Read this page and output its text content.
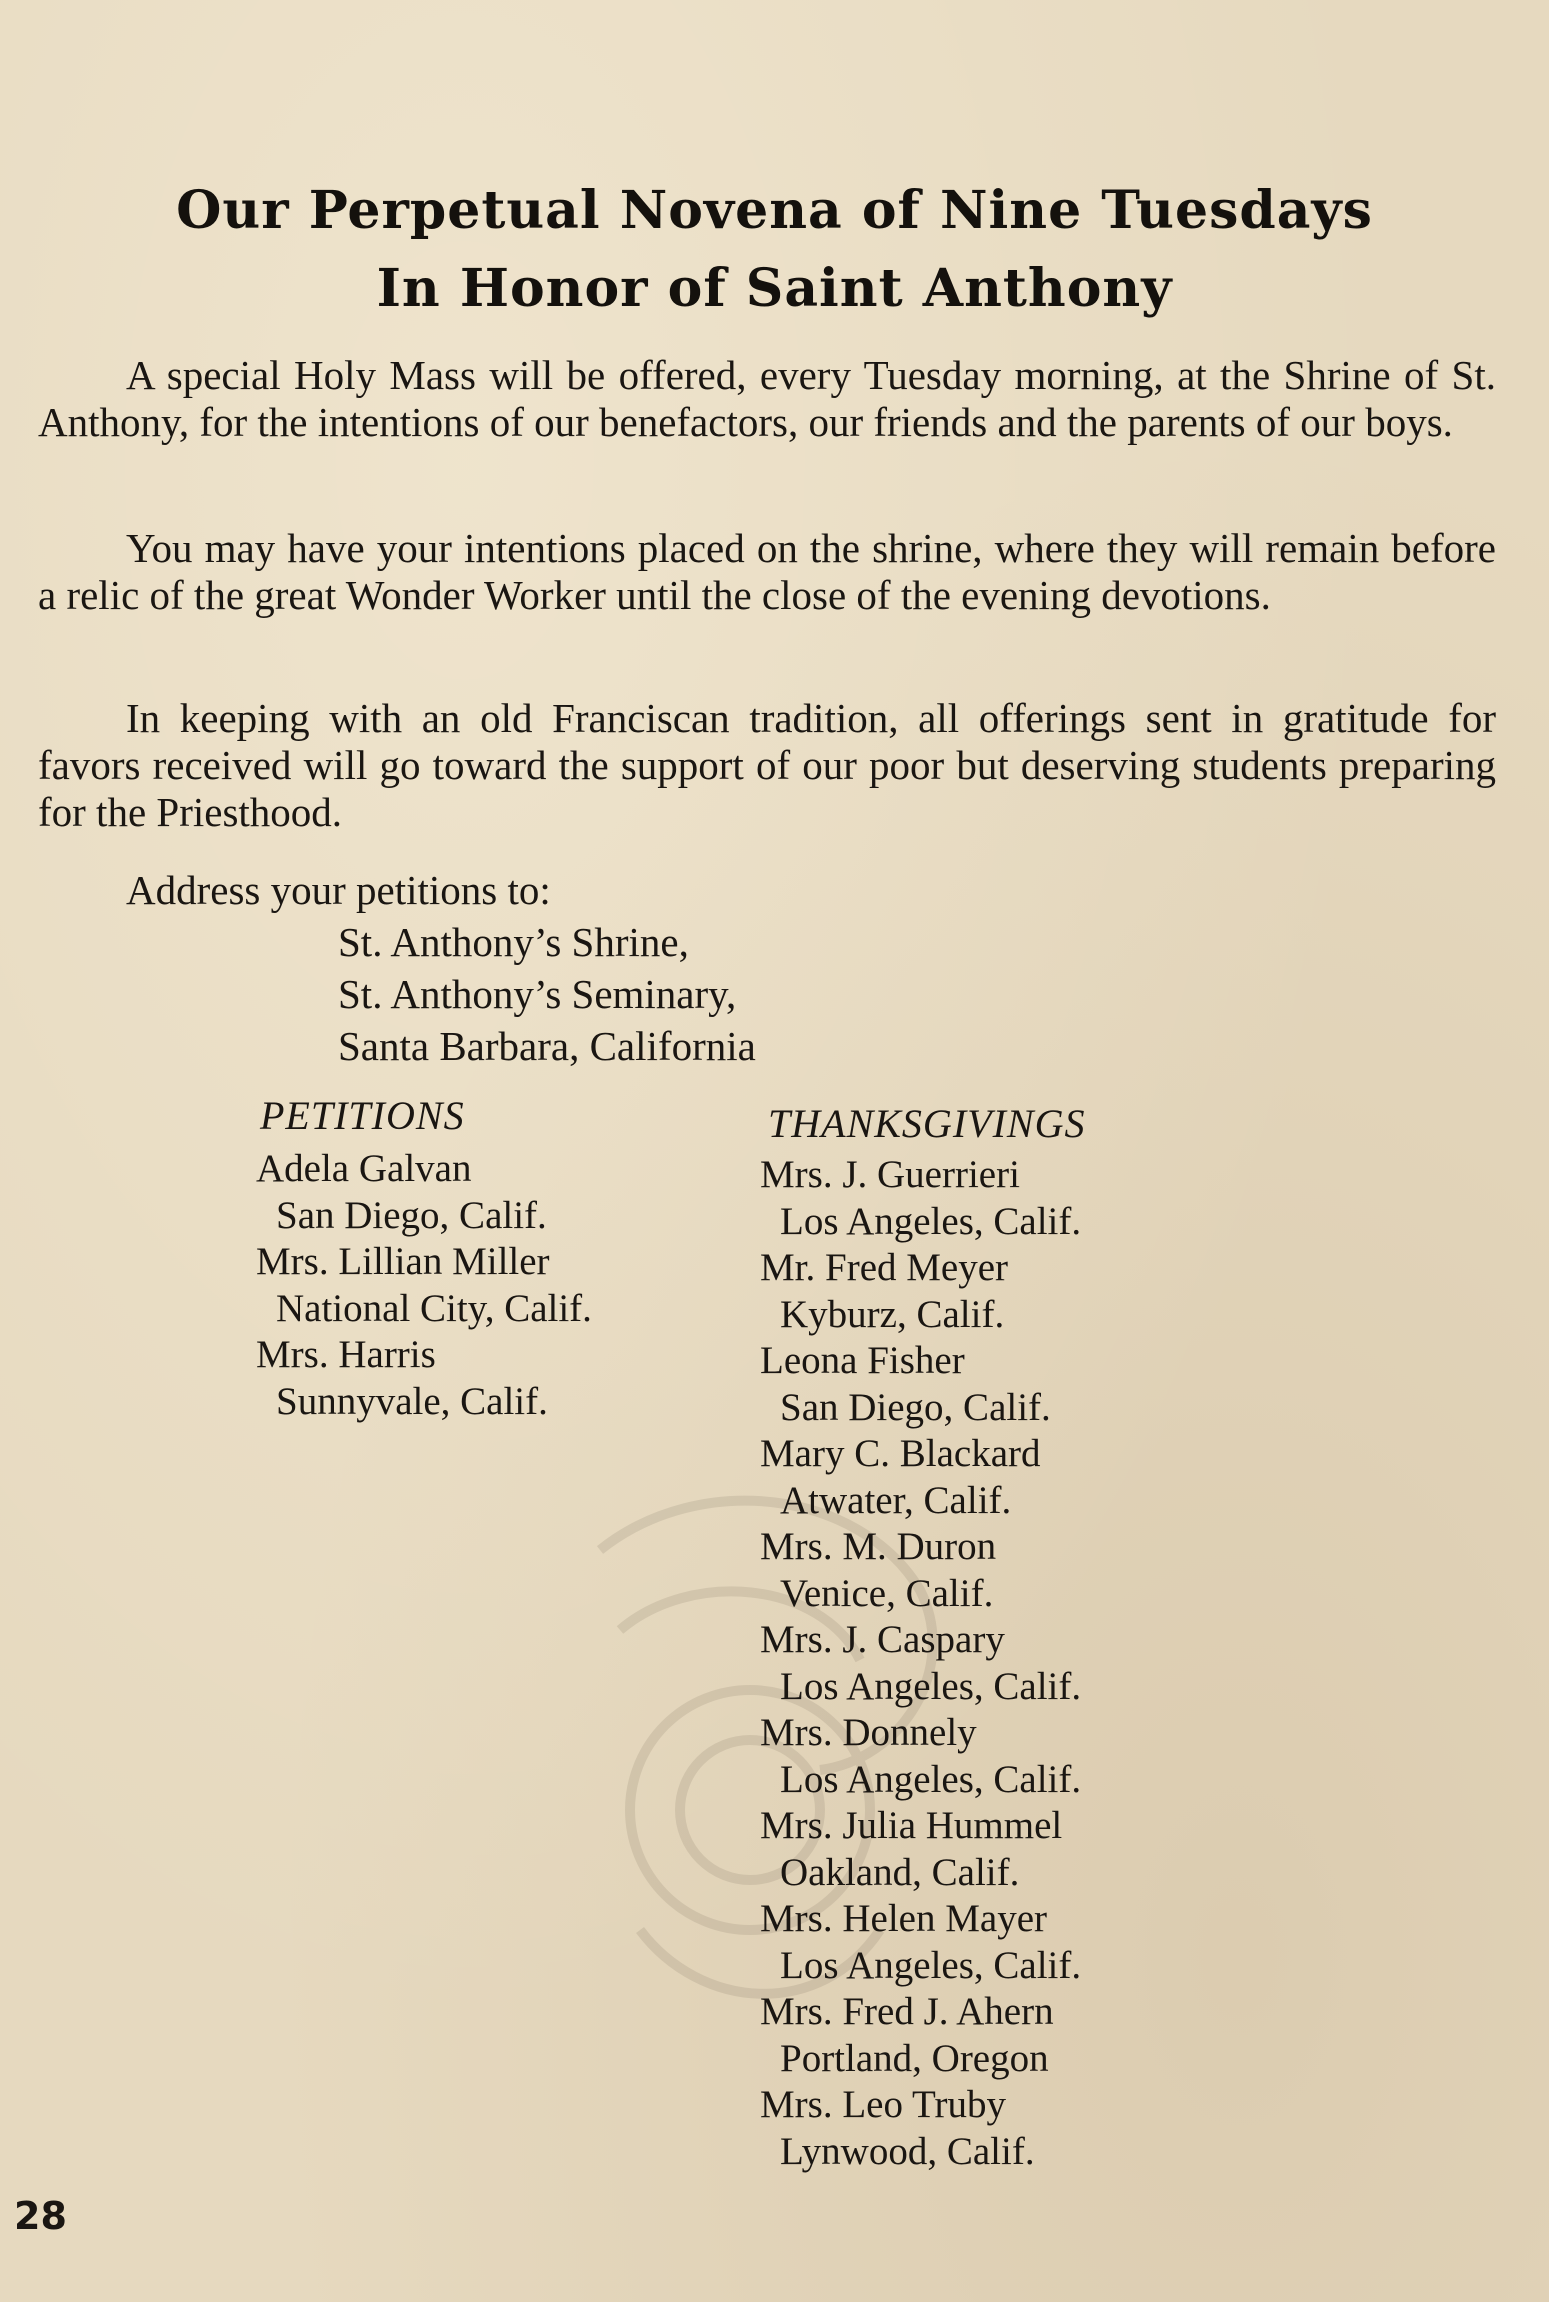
Our Perpetual Novena of Nine Tuesdays
In Honor of Saint Anthony
A special Holy Mass will be offered, every Tuesday morning, at the Shrine of St. Anthony, for the intentions of our benefactors, our friends and the parents of our boys.
You may have your intentions placed on the shrine, where they will remain before a relic of the great Wonder Worker until the close of the evening devotions.
In keeping with an old Franciscan tradition, all offerings sent in gratitude for favors received will go toward the support of our poor but deserving students preparing for the Priesthood.
Address your petitions to:
St. Anthony’s Shrine,
St. Anthony’s Seminary,
Santa Barbara, California
PETITIONS
Adela Galvan
San Diego, Calif.
Mrs. Lillian Miller
National City, Calif.
Mrs. Harris
Sunnyvale, Calif.
THANKSGIVINGS
Mrs. J. Guerrieri
Los Angeles, Calif.
Mr. Fred Meyer
Kyburz, Calif.
Leona Fisher
San Diego, Calif.
Mary C. Blackard
Atwater, Calif.
Mrs. M. Duron
Venice, Calif.
Mrs. J. Caspary
Los Angeles, Calif.
Mrs. Donnely
Los Angeles, Calif.
Mrs. Julia Hummel
Oakland, Calif.
Mrs. Helen Mayer
Los Angeles, Calif.
Mrs. Fred J. Ahern
Portland, Oregon
Mrs. Leo Truby
Lynwood, Calif.
28
